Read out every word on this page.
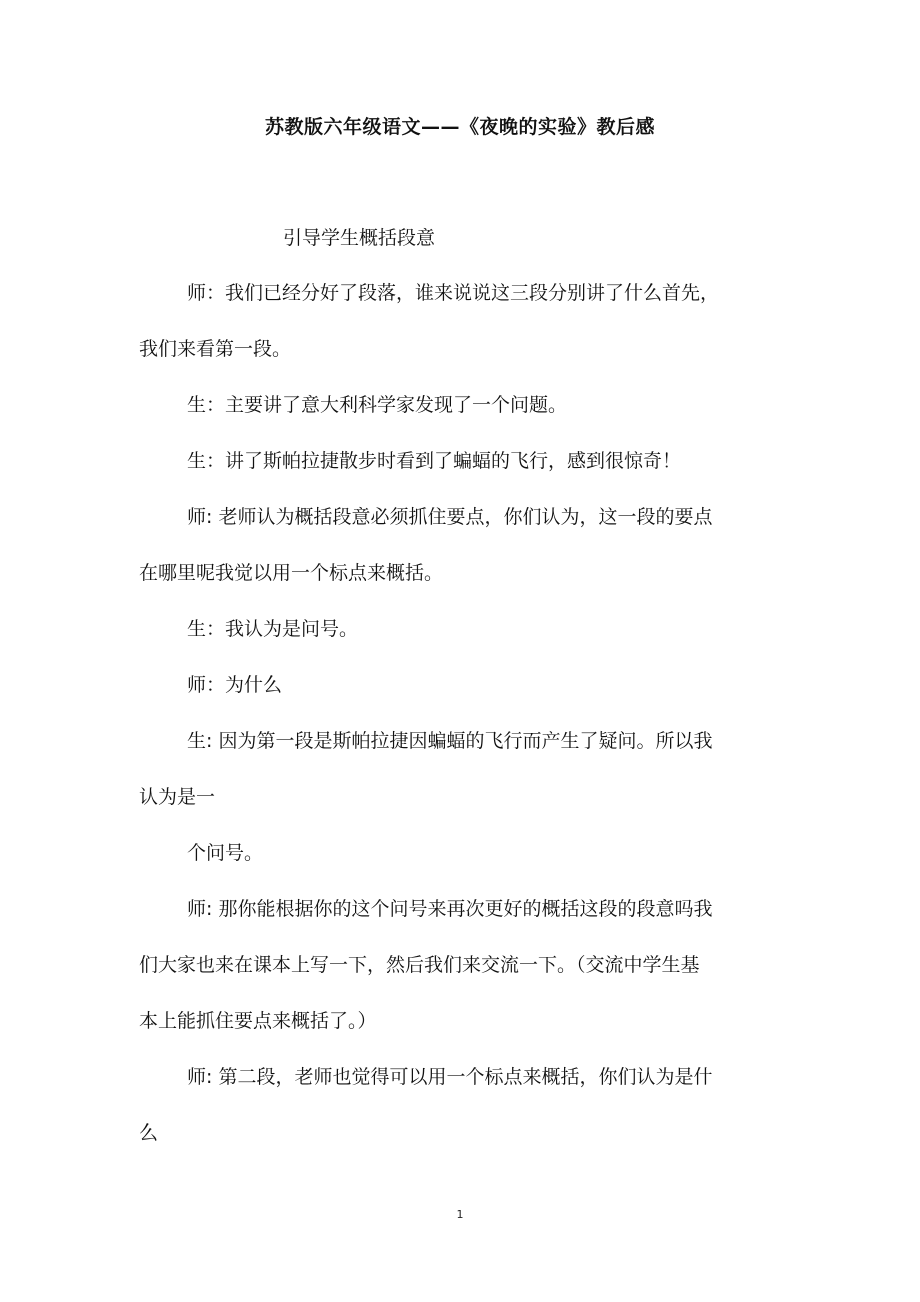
苏教版六年级语文——《夜晚的实验》教后感
引导学生概括段意
师：我们已经分好了段落，谁来说说这三段分别讲了什么首先，
我们来看第一段。
生：主要讲了意大利科学家发现了一个问题。
生：讲了斯帕拉捷散步时看到了蝙蝠的飞行，感到很惊奇！
师: 老师认为概括段意必须抓住要点，你们认为，这一段的要点
在哪里呢我觉以用一个标点来概括。
生：我认为是问号。
师：为什么
生: 因为第一段是斯帕拉捷因蝙蝠的飞行而产生了疑问。所以我
认为是一
个问号。
师: 那你能根据你的这个问号来再次更好的概括这段的段意吗我
们大家也来在课本上写一下，然后我们来交流一下。（交流中学生基
本上能抓住要点来概括了。）
师: 第二段，老师也觉得可以用一个标点来概括，你们认为是什
么
1
